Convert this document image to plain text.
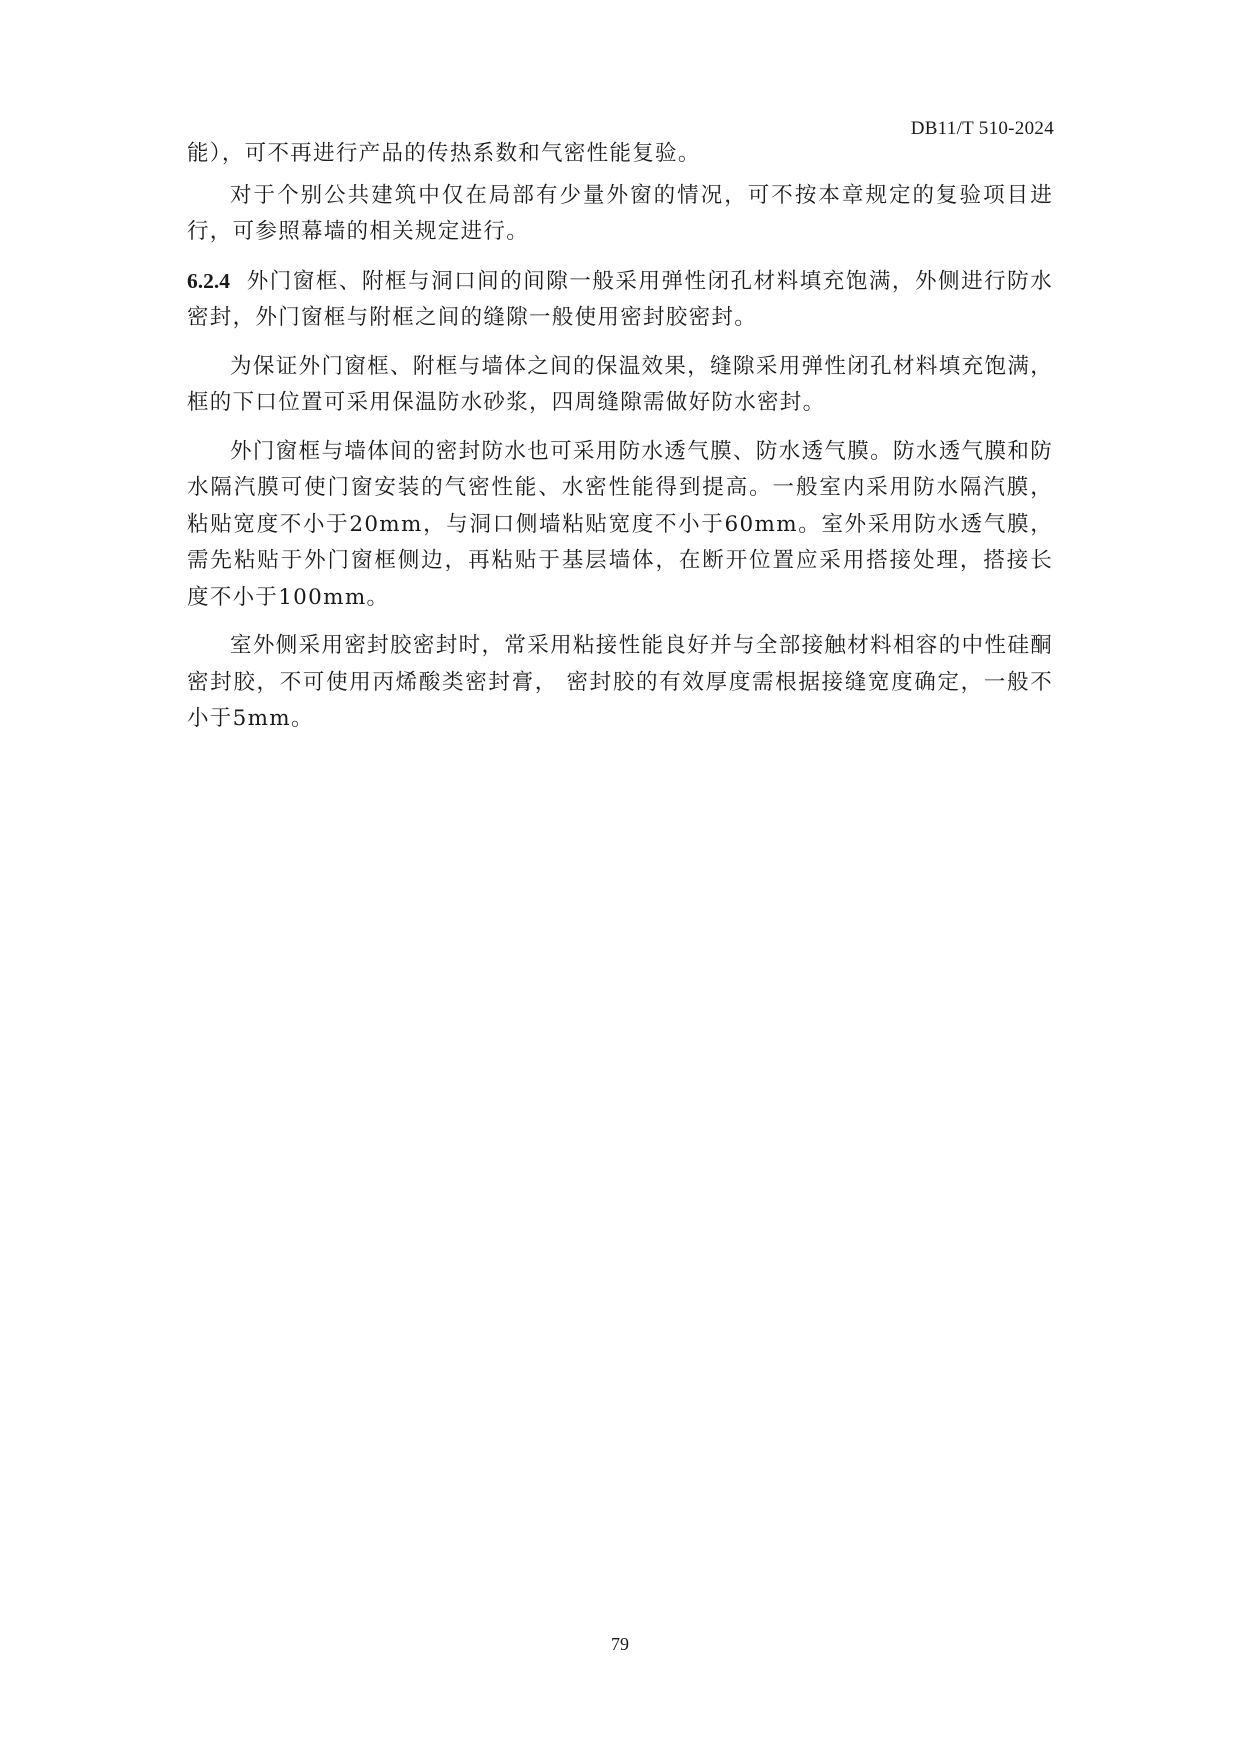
DB11/T 510-2024

能），可不再进行产品的传热系数和气密性能复验。

对于个别公共建筑中仅在局部有少量外窗的情况，可不按本章规定的复验项目进行，可参照幕墙的相关规定进行。

6.2.4 外门窗框、附框与洞口间的间隙一般采用弹性闭孔材料填充饱满，外侧进行防水密封，外门窗框与附框之间的缝隙一般使用密封胶密封。

为保证外门窗框、附框与墙体之间的保温效果，缝隙采用弹性闭孔材料填充饱满，框的下口位置可采用保温防水砂浆，四周缝隙需做好防水密封。

外门窗框与墙体间的密封防水也可采用防水透气膜、防水透气膜。防水透气膜和防水隔汽膜可使门窗安装的气密性能、水密性能得到提高。一般室内采用防水隔汽膜，粘贴宽度不小于20mm，与洞口侧墙粘贴宽度不小于60mm。室外采用防水透气膜，需先粘贴于外门窗框侧边，再粘贴于基层墙体，在断开位置应采用搭接处理，搭接长度不小于100mm。

室外侧采用密封胶密封时，常采用粘接性能良好并与全部接触材料相容的中性硅酮密封胶，不可使用丙烯酸类密封膏， 密封胶的有效厚度需根据接缝宽度确定，一般不小于5mm。

79
